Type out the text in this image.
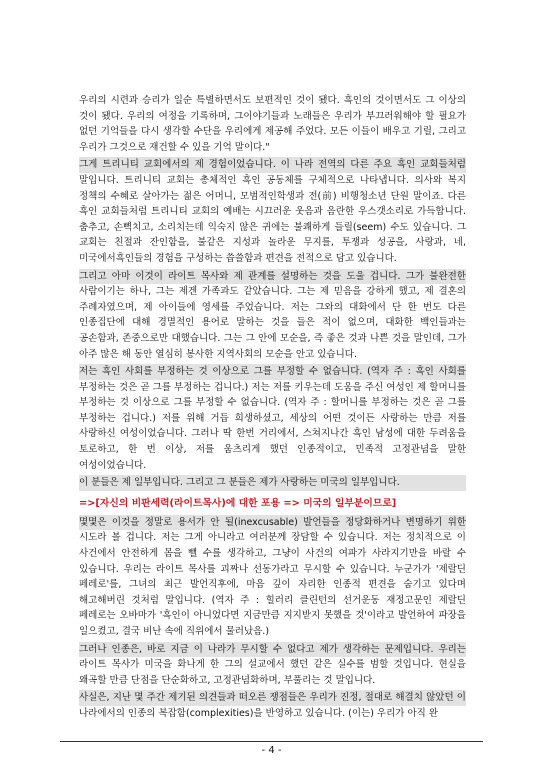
우리의 시련과 승리가 일순 특별하면서도 보편적인 것이 됐다. 흑인의 것이면서도 그 이상의 것이 됐다. 우리의 여정을 기록하며, 그이야기들과 노래들은 우리가 부끄러워해야 할 필요가 없던 기억들을 다시 생각할 수단을 우리에게 제공해 주었다. 모든 이들이 배우고 기릴, 그리고 우리가 그것으로 재건할 수 있을 기억 말이다."
그게 트리니티 교회에서의 제 경험이었습니다. 이 나라 전역의 다른 주요 흑인 교회들처럼 말입니다. 트리니티 교회는 총체적인 흑인 공동체를 구체적으로 나타냅니다. 의사와 복지 정책의 수혜로 살아가는 젊은 어머니, 모범적인학생과 전(前) 비행청소년 단원 말이죠. 다른 흑인 교회들처럼 트리니티 교회의 예배는 시끄러운 웃음과 음란한 우스갯소리로 가득합니다. 춤추고, 손뼉치고, 소리치는데 익숙지 않은 귀에는 불쾌하게 들릴(seem) 수도 있습니다. 그 교회는 친절과 잔인함을, 불같은 지성과 놀라운 무지를, 투쟁과 성공을, 사랑과, 네, 미국에서흑인들의 경험을 구성하는 씁쓸함과 편견을 전적으로 담고 있습니다.
그리고 아마 이것이 라이트 목사와 제 관계를 설명하는 것을 도울 겁니다. 그가 불완전한 사람이기는 하나, 그는 제겐 가족과도 같았습니다. 그는 제 믿음을 강하게 했고, 제 결혼의 주례자였으며, 제 아이들에 영세를 주었습니다. 저는 그와의 대화에서 단 한 번도 다른 인종집단에 대해 경멸적인 용어로 말하는 것을 들은 적이 없으며, 대화한 백인들과는 공손함과, 존중으로만 대했습니다. 그는 그 안에 모순을, 즉 좋은 것과 나쁜 것을 말인데, 그가 아주 많은 해 동안 열심히 봉사한 지역사회의 모순을 안고 있습니다.
저는 흑인 사회를 부정하는 것 이상으로 그를 부정할 수 없습니다. (역자 주 : 흑인 사회를 부정하는 것은 곧 그를 부정하는 겁니다.) 저는 저를 키우는데 도움을 주신 여성인 제 할머니를 부정하는 것 이상으로 그를 부정할 수 없습니다. (역자 주 : 할머니를 부정하는 것은 곧 그를 부정하는 겁니다.) 저를 위해 거듭 희생하셨고, 세상의 어떤 것이든 사랑하는 만큼 저를 사랑하신 여성이었습니다. 그러나 딱 한번 거리에서, 스쳐지나간 흑인 남성에 대한 두려움을 토로하고, 한 번 이상, 저를 움츠리게 했던 인종적이고, 민족적 고정관념을 말한 여성이었습니다.
이 분들은 제 일부입니다. 그리고 그 분들은 제가 사랑하는 미국의 일부입니다.
=>[자신의 비판세력(라이트목사)에 대한 포용 => 미국의 일부분이므로]
몇몇은 이것을 정말로 용서가 안 될(inexcusable) 발언들을 정당화하거나 변명하기 위한 시도라 볼 겁니다. 저는 그게 아니라고 여러분께 장담할 수 있습니다. 저는 정치적으로 이 사건에서 안전하게 몸을 뺄 수를 생각하고, 그냥이 사건의 여파가 사라지기만을 바랄 수 있습니다. 우리는 라이트 목사를 괴짜나 선동가라고 무시할 수 있습니다. 누군가가 '제랄딘 페레로'를, 그녀의 최근 발언직후에, 마음 깊이 자리한 인종적 편견을 숨기고 있다며 해고해버린 것처럼 말입니다. (역자 주 : 힐러리 클린턴의 선거운동 재정고문인 제랄딘 페레로는 오바마가 '흑인이 아니었다면 지금만큼 지지받지 못했을 것'이라고 발언하여 파장을 일으켰고, 결국 비난 속에 직위에서 물러났음.)
그러나 인종은, 바로 지금 이 나라가 무시할 수 없다고 제가 생각하는 문제입니다. 우리는 라이트 목사가 미국을 화나게 한 그의 설교에서 했던 같은 실수를 범할 것입니다. 현실을 왜곡할 만큼 단점을 단순화하고, 고정관념화하며, 부풀리는 것 말입니다.
사실은, 지난 몇 주간 제기된 의견들과 떠오른 쟁점들은 우리가 진정, 절대로 해결치 않았던 이 나라에서의 인종의 복잡함(complexities)을 반영하고 있습니다. (이는) 우리가 아직 완
- 4 -
